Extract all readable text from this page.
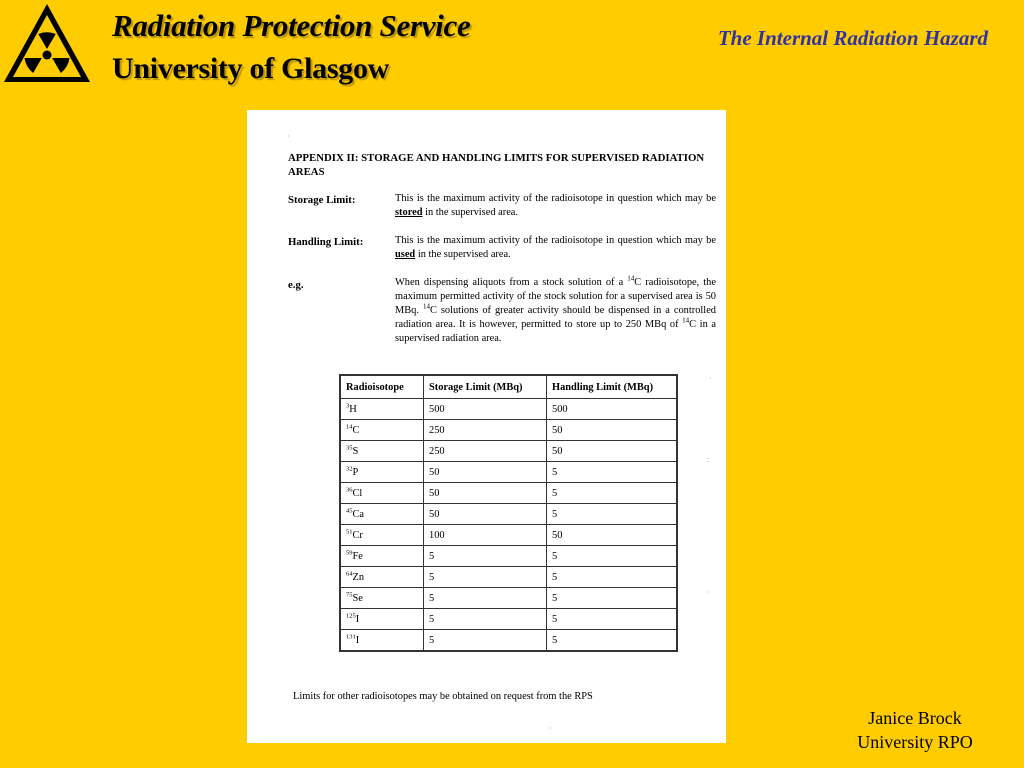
Radiation Protection Service
University of Glasgow
The Internal Radiation Hazard
·
·
:
·
·
APPENDIX II: STORAGE AND HANDLING LIMITS FOR SUPERVISED RADIATION AREAS
Storage Limit:	This is the maximum activity of the radioisotope in question which may be stored in the supervised area.
Handling Limit:	This is the maximum activity of the radioisotope in question which may be used in the supervised area.
e.g.	When dispensing aliquots from a stock solution of a $^{14}$C radioisotope, the maximum permitted activity of the stock solution for a supervised area is 50 MBq. $^{14}$C solutions of greater activity should be dispensed in a controlled radiation area. It is however, permitted to store up to 250 MBq of $^{14}$C in a supervised radiation area.
Radioisotope	Storage Limit (MBq)	Handling Limit (MBq)
$^3$H	500	500
$^{14}$C	250	50
$^{35}$S	250	50
$^{32}$P	50	5
$^{36}$Cl	50	5
$^{45}$Ca	50	5
$^{51}$Cr	100	50
$^{59}$Fe	5	5
$^{64}$Zn	5	5
$^{75}$Se	5	5
$^{125}$I	5	5
$^{131}$I	5	5
Limits for other radioisotopes may be obtained on request from the RPS
Janice Brock
University RPO
